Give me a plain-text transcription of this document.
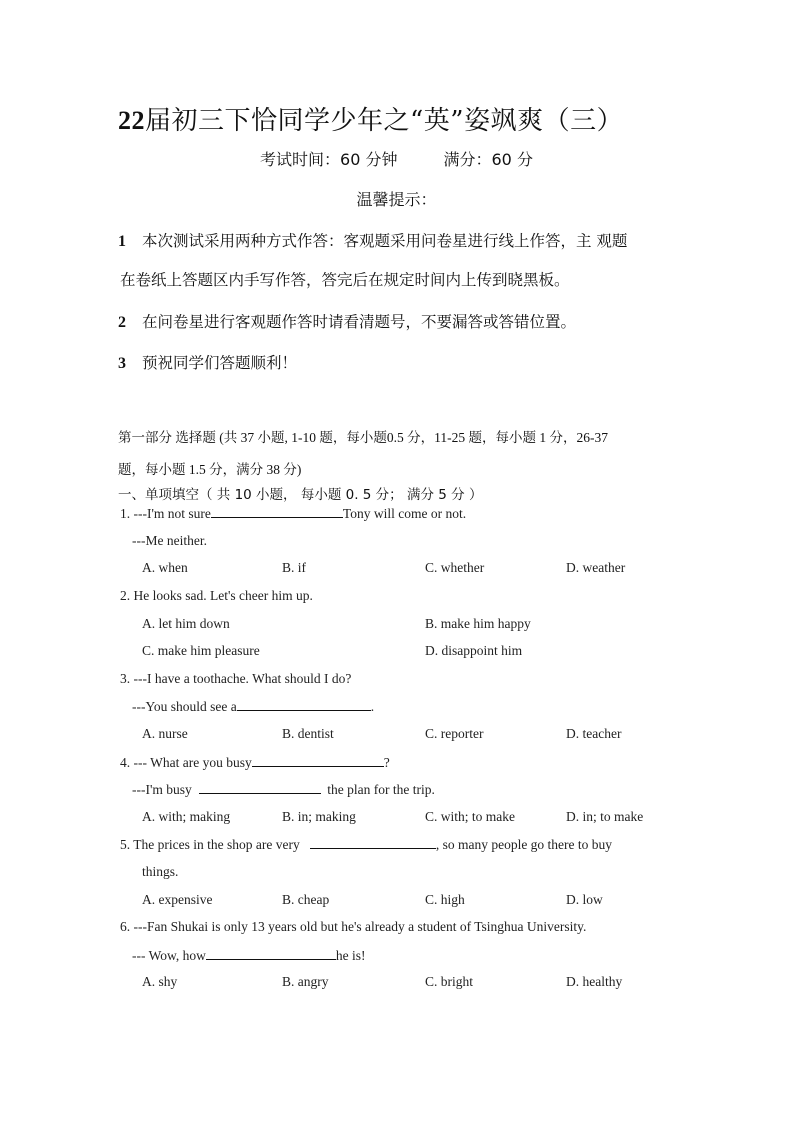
22届初三下恰同学少年之“英”姿飒爽（三）
考试时间：60 分钟	满分：60 分
温馨提示：
1 本次测试采用两种方式作答：客观题采用问卷星进行线上作答，主 观题
在卷纸上答题区内手写作答，答完后在规定时间内上传到晓黑板。
2 在问卷星进行客观题作答时请看清题号，不要漏答或答错位置。
3 预祝同学们答题顺利！
第一部分 选择题 (共 37 小题, 1-10 题，每小题0.5 分，11-25 题，每小题 1 分，26-37
题，每小题 1.5 分，满分 38 分)
一、单项填空（ 共 10 小题， 每小题 0. 5 分； 满分 5 分 ）
1. ---I'm not sure	Tony will come or not.
---Me neither.
A. when	B. if	C. whether	D. weather
2. He looks sad. Let's cheer him up.
A. let him down	B. make him happy
C. make him pleasure	D. disappoint him
3. ---I have a toothache. What should I do?
---You should see a	.
A. nurse	B. dentist	C. reporter	D. teacher
4. --- What are you busy	?
---I'm busy	the plan for the trip.
A. with; making	B. in; making	C. with; to make	D. in; to make
5. The prices in the shop are very	, so many people go there to buy
things.
A. expensive	B. cheap	C. high	D. low
6. ---Fan Shukai is only 13 years old but he's already a student of Tsinghua University.
--- Wow, how	he is!
A. shy	B. angry	C. bright	D. healthy
